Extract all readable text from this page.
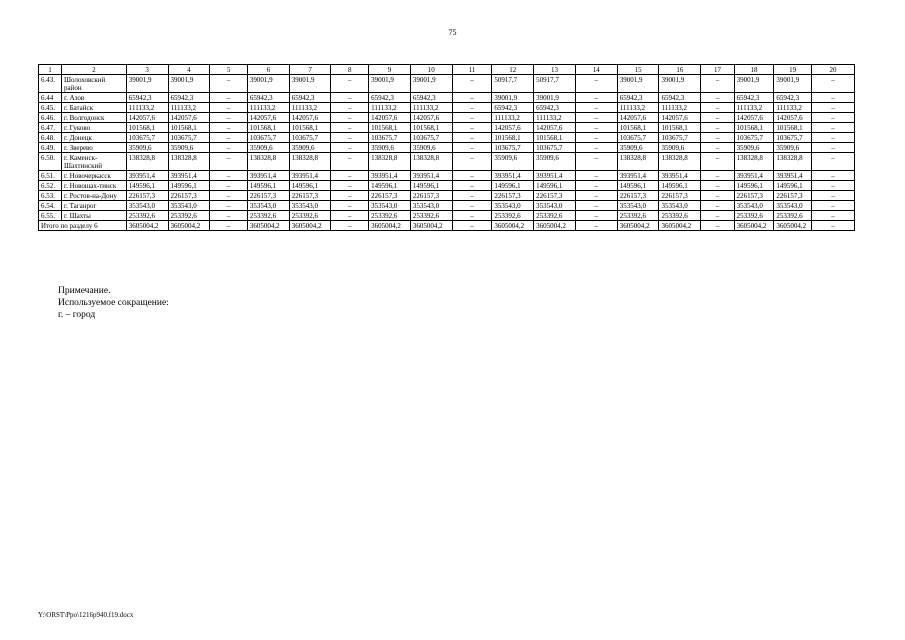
75
1	2	3	4	5	6	7	8	9	10	11	12	13	14	15	16	17	18	19	20
6.43.	Шолоховский район	39001,9	39001,9	–	39001,9	39001,9	–	39001,9	39001,9	–	50917,7	50917,7	–	39001,9	39001,9	–	39001,9	39001,9	–
6.44	г. Азов	65942,3	65942,3	–	65942,3	65942,3	–	65942,3	65942,3	–	39001,9	39001,9	–	65942,3	65942,3	–	65942,3	65942,3	–
6.45.	г. Батайск	111133,2	111133,2	–	111133,2	111133,2	–	111133,2	111133,2	–	65942,3	65942,3	–	111133,2	111133,2	–	111133,2	111133,2	–
6.46.	г. Волгодонск	142057,6	142057,6	–	142057,6	142057,6	–	142057,6	142057,6	–	111133,2	111133,2	–	142057,6	142057,6	–	142057,6	142057,6	–
6.47.	г. Гуково	101568,1	101568,1	–	101568,1	101568,1	–	101568,1	101568,1	–	142057,6	142057,6	–	101568,1	101568,1	–	101568,1	101568,1	–
6.48.	г. Донецк	103675,7	103675,7	–	103675,7	103675,7	–	103675,7	103675,7	–	101568,1	101568,1	–	103675,7	103675,7	–	103675,7	103675,7	–
6.49.	г. Зверево	35909,6	35909,6	–	35909,6	35909,6	–	35909,6	35909,6	–	103675,7	103675,7	–	35909,6	35909,6	–	35909,6	35909,6	–
6.50.	г. Каменск-Шахтинский	138328,8	138328,8	–	138328,8	138328,8	–	138328,8	138328,8	–	35909,6	35909,6	–	138328,8	138328,8	–	138328,8	138328,8	–
6.51.	г. Новочеркасск	393951,4	393951,4	–	393951,4	393951,4	–	393951,4	393951,4	–	393951,4	393951,4	–	393951,4	393951,4	–	393951,4	393951,4	–
6.52.	г. Новошах-тинск	149596,1	149596,1	–	149596,1	149596,1	–	149596,1	149596,1	–	149596,1	149596,1	–	149596,1	149596,1	–	149596,1	149596,1	–
6.53.	г. Ростов-на-Дону	226157,3	226157,3	–	226157,3	226157,3	–	226157,3	226157,3	–	226157,3	226157,3	–	226157,3	226157,3	–	226157,3	226157,3	–
6.54.	г. Таганрог	353543,0	353543,0	–	353543,0	353543,0	–	353543,0	353543,0	–	353543,0	353543,0	–	353543,0	353543,0	–	353543,0	353543,0	–
6.55.	г. Шахты	253392,6	253392,6	–	253392,6	253392,6	–	253392,6	253392,6	–	253392,6	253392,6	–	253392,6	253392,6	–	253392,6	253392,6	–
Итого по разделу 6		3605004,2	3605004,2	–	3605004,2	3605004,2	–	3605004,2	3605004,2	–	3605004,2	3605004,2	–	3605004,2	3605004,2	–	3605004,2	3605004,2	–
Примечание.
Используемое сокращение:
г. – город
Y:\ORST\Ppo\1216p940.f19.docx
